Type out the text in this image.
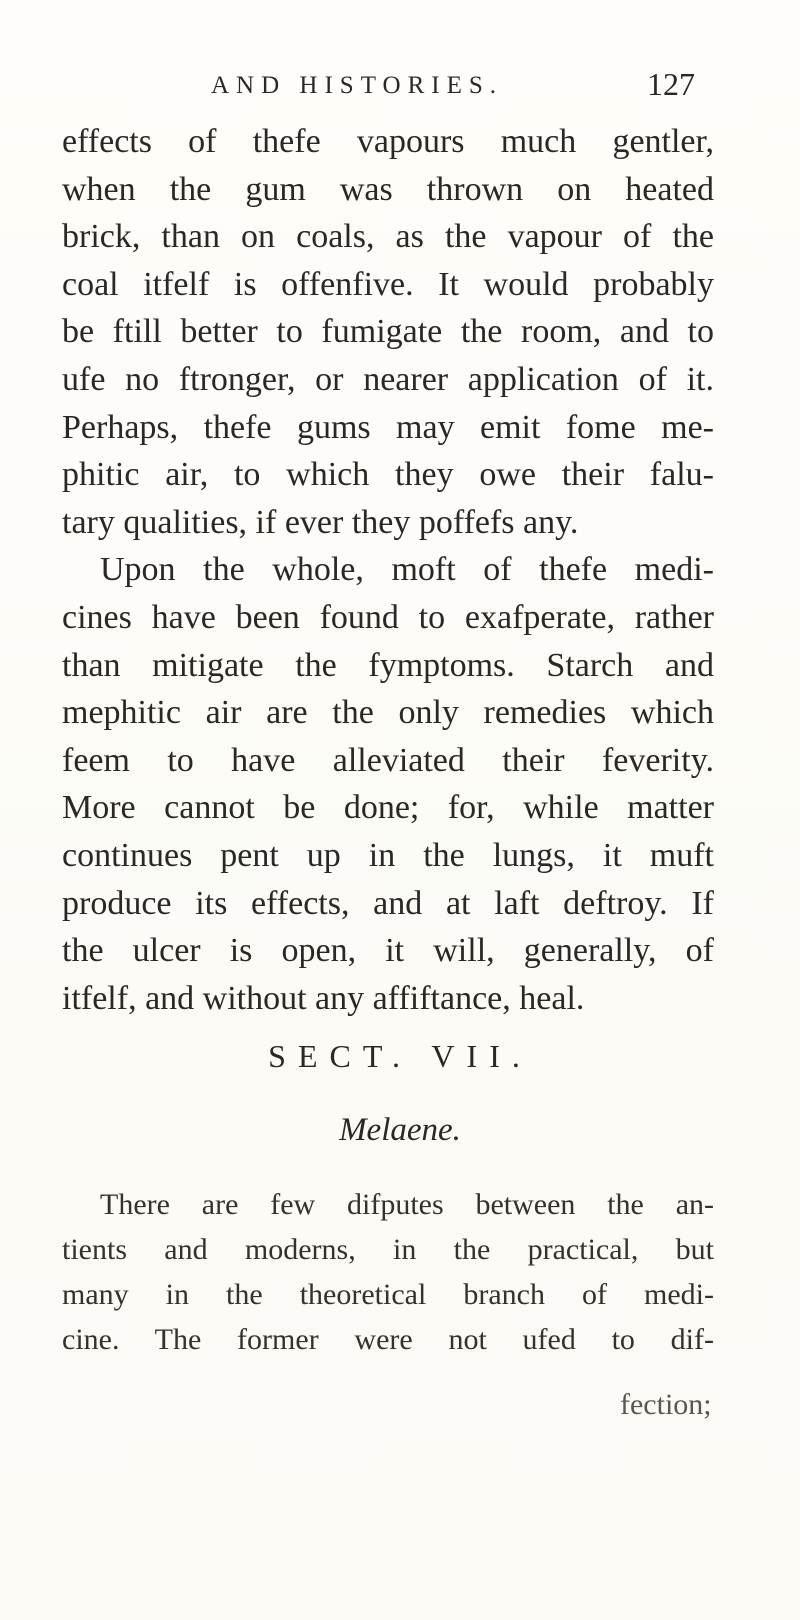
AND HISTORIES.	127
effects of thefe vapours much gentler,
when the gum was thrown on heated
brick, than on coals, as the vapour of the
coal itfelf is offenfive. It would probably
be ftill better to fumigate the room, and to
ufe no ftronger, or nearer application of it.
Perhaps, thefe gums may emit fome me-
phitic air, to which they owe their falu-
tary qualities, if ever they poffefs any.
Upon the whole, moft of thefe medi-
cines have been found to exafperate, rather
than mitigate the fymptoms. Starch and
mephitic air are the only remedies which
feem to have alleviated their feverity.
More cannot be done; for, while matter
continues pent up in the lungs, it muft
produce its effects, and at laft deftroy. If
the ulcer is open, it will, generally, of
itfelf, and without any affiftance, heal.
SECT. VII.
Melaene.
There are few difputes between the an-
tients and moderns, in the practical, but
many in the theoretical branch of medi-
cine. The former were not ufed to dif-
fection;
